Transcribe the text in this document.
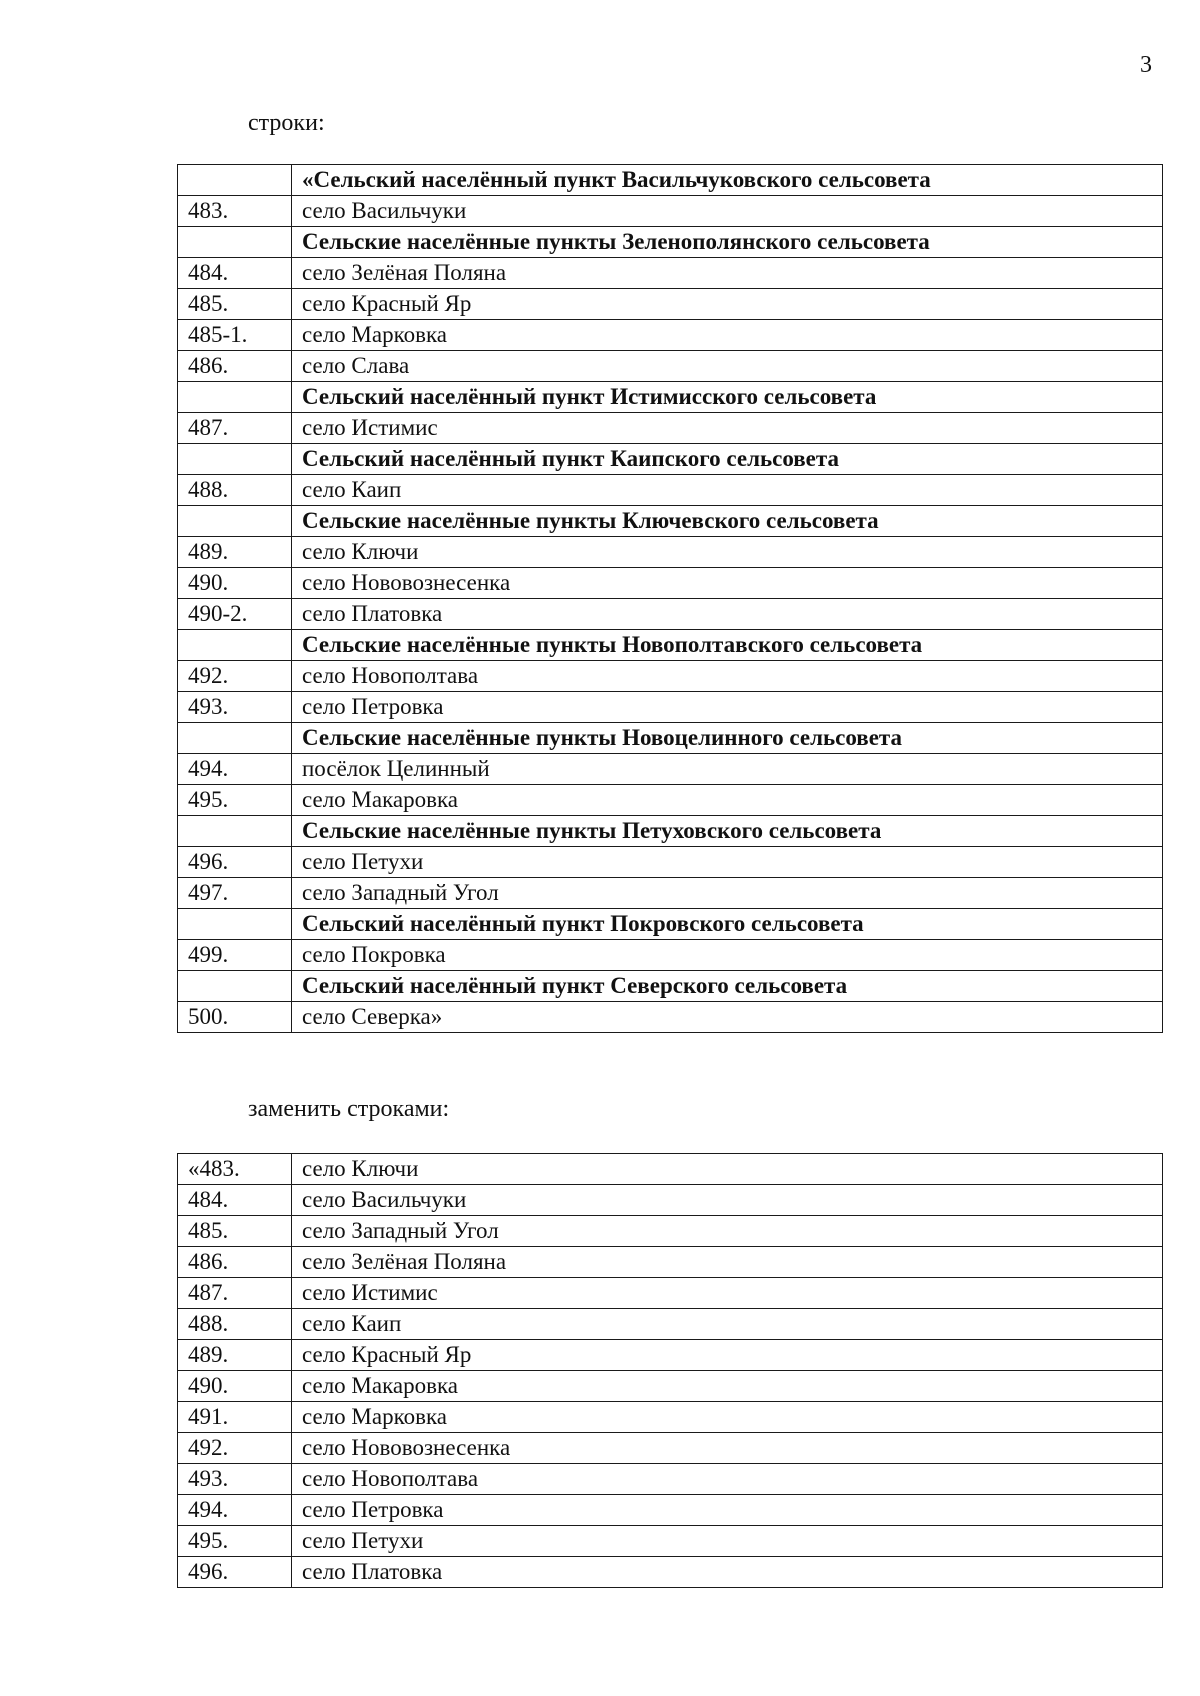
3
строки:
	«Сельский населённый пункт Васильчуковского сельсовета
483.	село Васильчуки
	Сельские населённые пункты Зеленополянского сельсовета
484.	село Зелёная Поляна
485.	село Красный Яр
485-1.	село Марковка
486.	село Слава
	Сельский населённый пункт Истимисского сельсовета
487.	село Истимис
	Сельский населённый пункт Каипского сельсовета
488.	село Каип
	Сельские населённые пункты Ключевского сельсовета
489.	село Ключи
490.	село Нововознесенка
490-2.	село Платовка
	Сельские населённые пункты Новополтавского сельсовета
492.	село Новополтава
493.	село Петровка
	Сельские населённые пункты Новоцелинного сельсовета
494.	посёлок Целинный
495.	село Макаровка
	Сельские населённые пункты Петуховского сельсовета
496.	село Петухи
497.	село Западный Угол
	Сельский населённый пункт Покровского сельсовета
499.	село Покровка
	Сельский населённый пункт Северского сельсовета
500.	село Северка»
заменить строками:
«483.	село Ключи
484.	село Васильчуки
485.	село Западный Угол
486.	село Зелёная Поляна
487.	село Истимис
488.	село Каип
489.	село Красный Яр
490.	село Макаровка
491.	село Марковка
492.	село Нововознесенка
493.	село Новополтава
494.	село Петровка
495.	село Петухи
496.	село Платовка
